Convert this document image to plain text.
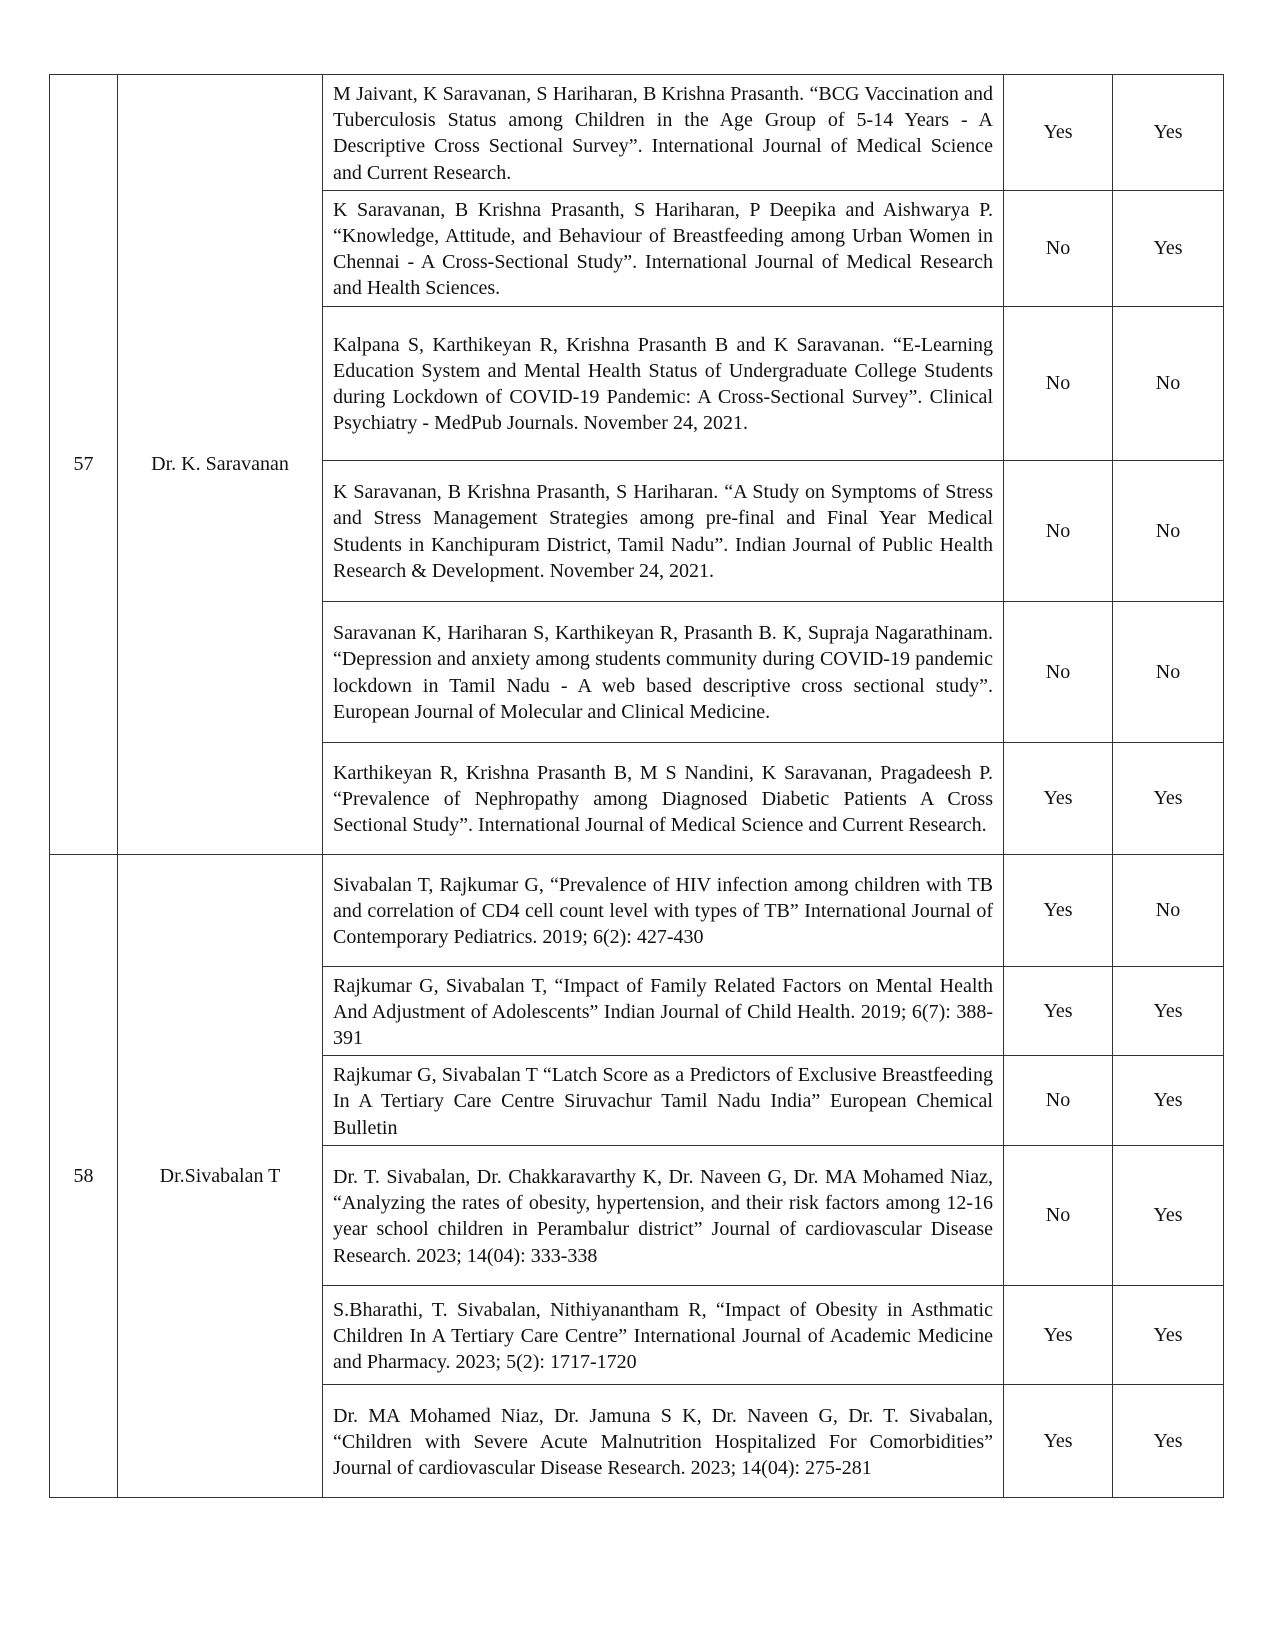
57	Dr. K. Saravanan	M Jaivant, K Saravanan, S Hariharan, B Krishna Prasanth. “BCG Vaccination and Tuberculosis Status among Children in the Age Group of 5-14 Years - A Descriptive Cross Sectional Survey”. International Journal of Medical Science and Current Research.	Yes	Yes
		K Saravanan, B Krishna Prasanth, S Hariharan, P Deepika and Aishwarya P. “Knowledge, Attitude, and Behaviour of Breastfeeding among Urban Women in Chennai - A Cross-Sectional Study”. International Journal of Medical Research and Health Sciences.	No	Yes
		Kalpana S, Karthikeyan R, Krishna Prasanth B and K Saravanan. “E-Learning Education System and Mental Health Status of Undergraduate College Students during Lockdown of COVID-19 Pandemic: A Cross-Sectional Survey”. Clinical Psychiatry - MedPub Journals. November 24, 2021.	No	No
		K Saravanan, B Krishna Prasanth, S Hariharan. “A Study on Symptoms of Stress and Stress Management Strategies among pre-final and Final Year Medical Students in Kanchipuram District, Tamil Nadu”. Indian Journal of Public Health Research & Development. November 24, 2021.	No	No
		Saravanan K, Hariharan S, Karthikeyan R, Prasanth B. K, Supraja Nagarathinam. “Depression and anxiety among students community during COVID-19 pandemic lockdown in Tamil Nadu - A web based descriptive cross sectional study”. European Journal of Molecular and Clinical Medicine.	No	No
		Karthikeyan R, Krishna Prasanth B, M S Nandini, K Saravanan, Pragadeesh P. “Prevalence of Nephropathy among Diagnosed Diabetic Patients A Cross Sectional Study”. International Journal of Medical Science and Current Research.	Yes	Yes
58	Dr.Sivabalan T	Sivabalan T, Rajkumar G, “Prevalence of HIV infection among children with TB and correlation of CD4 cell count level with types of TB” International Journal of Contemporary Pediatrics. 2019; 6(2): 427-430	Yes	No
		Rajkumar G, Sivabalan T, “Impact of Family Related Factors on Mental Health And Adjustment of Adolescents” Indian Journal of Child Health. 2019; 6(7): 388-391	Yes	Yes
		Rajkumar G, Sivabalan T “Latch Score as a Predictors of Exclusive Breastfeeding In A Tertiary Care Centre Siruvachur Tamil Nadu India” European Chemical Bulletin	No	Yes
		Dr. T. Sivabalan, Dr. Chakkaravarthy K, Dr. Naveen G, Dr. MA Mohamed Niaz, “Analyzing the rates of obesity, hypertension, and their risk factors among 12-16 year school children in Perambalur district” Journal of cardiovascular Disease Research. 2023; 14(04): 333-338	No	Yes
		S.Bharathi, T. Sivabalan, Nithiyanantham R, “Impact of Obesity in Asthmatic Children In A Tertiary Care Centre” International Journal of Academic Medicine and Pharmacy. 2023; 5(2): 1717-1720	Yes	Yes
		Dr. MA Mohamed Niaz, Dr. Jamuna S K, Dr. Naveen G, Dr. T. Sivabalan, “Children with Severe Acute Malnutrition Hospitalized For Comorbidities” Journal of cardiovascular Disease Research. 2023; 14(04): 275-281	Yes	Yes
